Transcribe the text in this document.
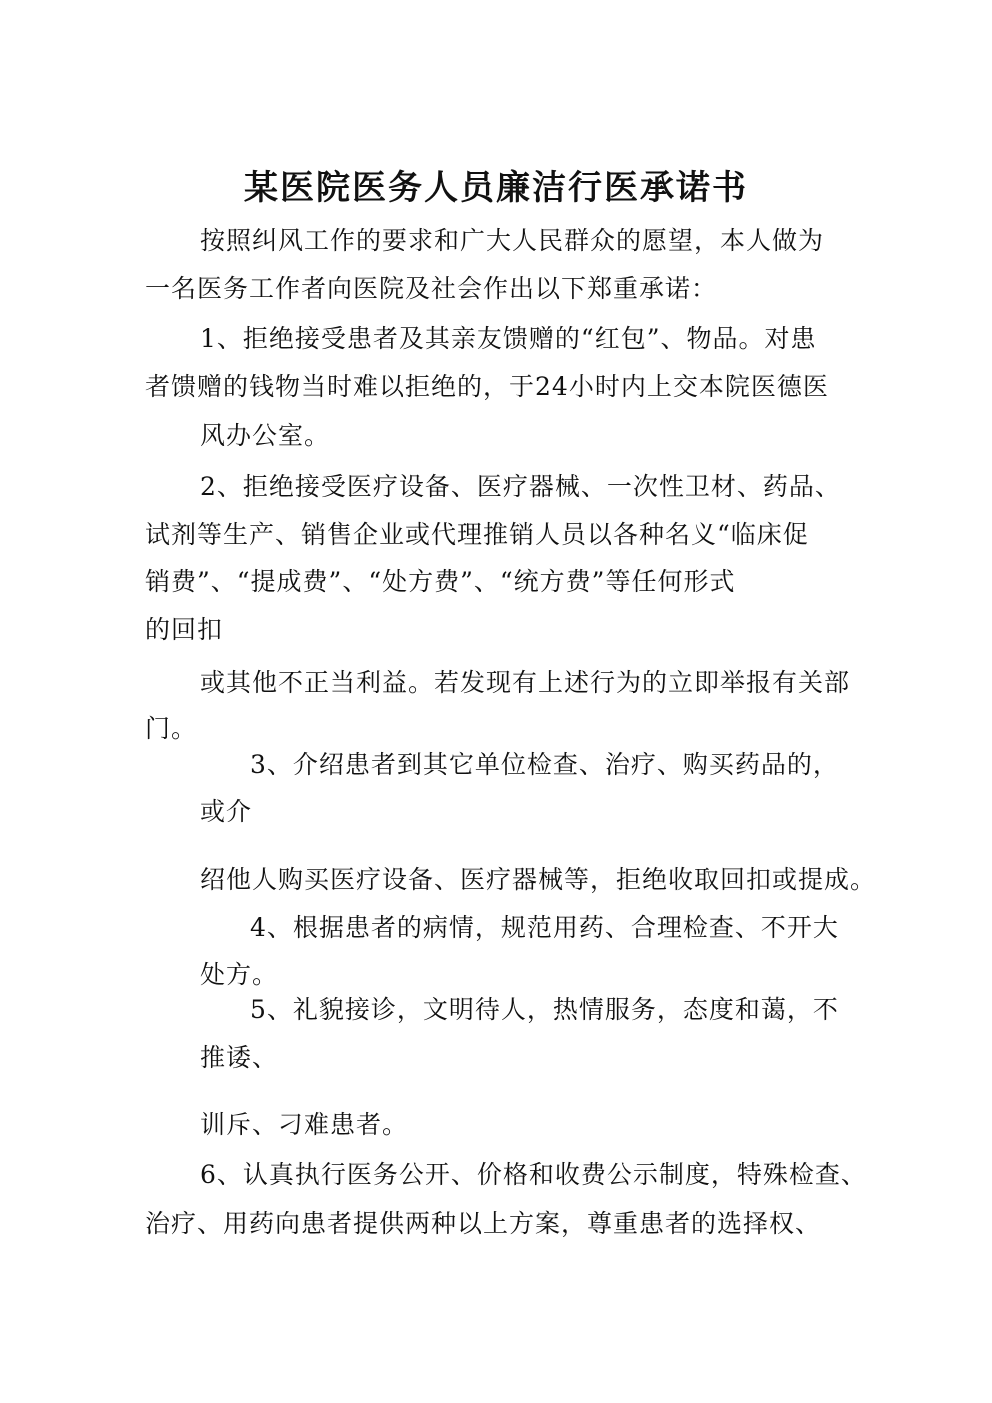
某医院医务人员廉洁行医承诺书
按照纠风工作的要求和广大人民群众的愿望，本人做为
一名医务工作者向医院及社会作出以下郑重承诺：
1、拒绝接受患者及其亲友馈赠的“红包”、物品。对患
者馈赠的钱物当时难以拒绝的，于24小时内上交本院医德医
风办公室。
2、拒绝接受医疗设备、医疗器械、一次性卫材、药品、
试剂等生产、销售企业或代理推销人员以各种名义“临床促
销费”、“提成费”、“处方费”、“统方费”等任何形式
的回扣
或其他不正当利益。若发现有上述行为的立即举报有关部
门。
3、介绍患者到其它单位检查、治疗、购买药品的，
或介
绍他人购买医疗设备、医疗器械等，拒绝收取回扣或提成。
4、根据患者的病情，规范用药、合理检查、不开大
处方。
5、礼貌接诊，文明待人，热情服务，态度和蔼，不
推诿、
训斥、刁难患者。
6、认真执行医务公开、价格和收费公示制度，特殊检查、
治疗、用药向患者提供两种以上方案，尊重患者的选择权、
